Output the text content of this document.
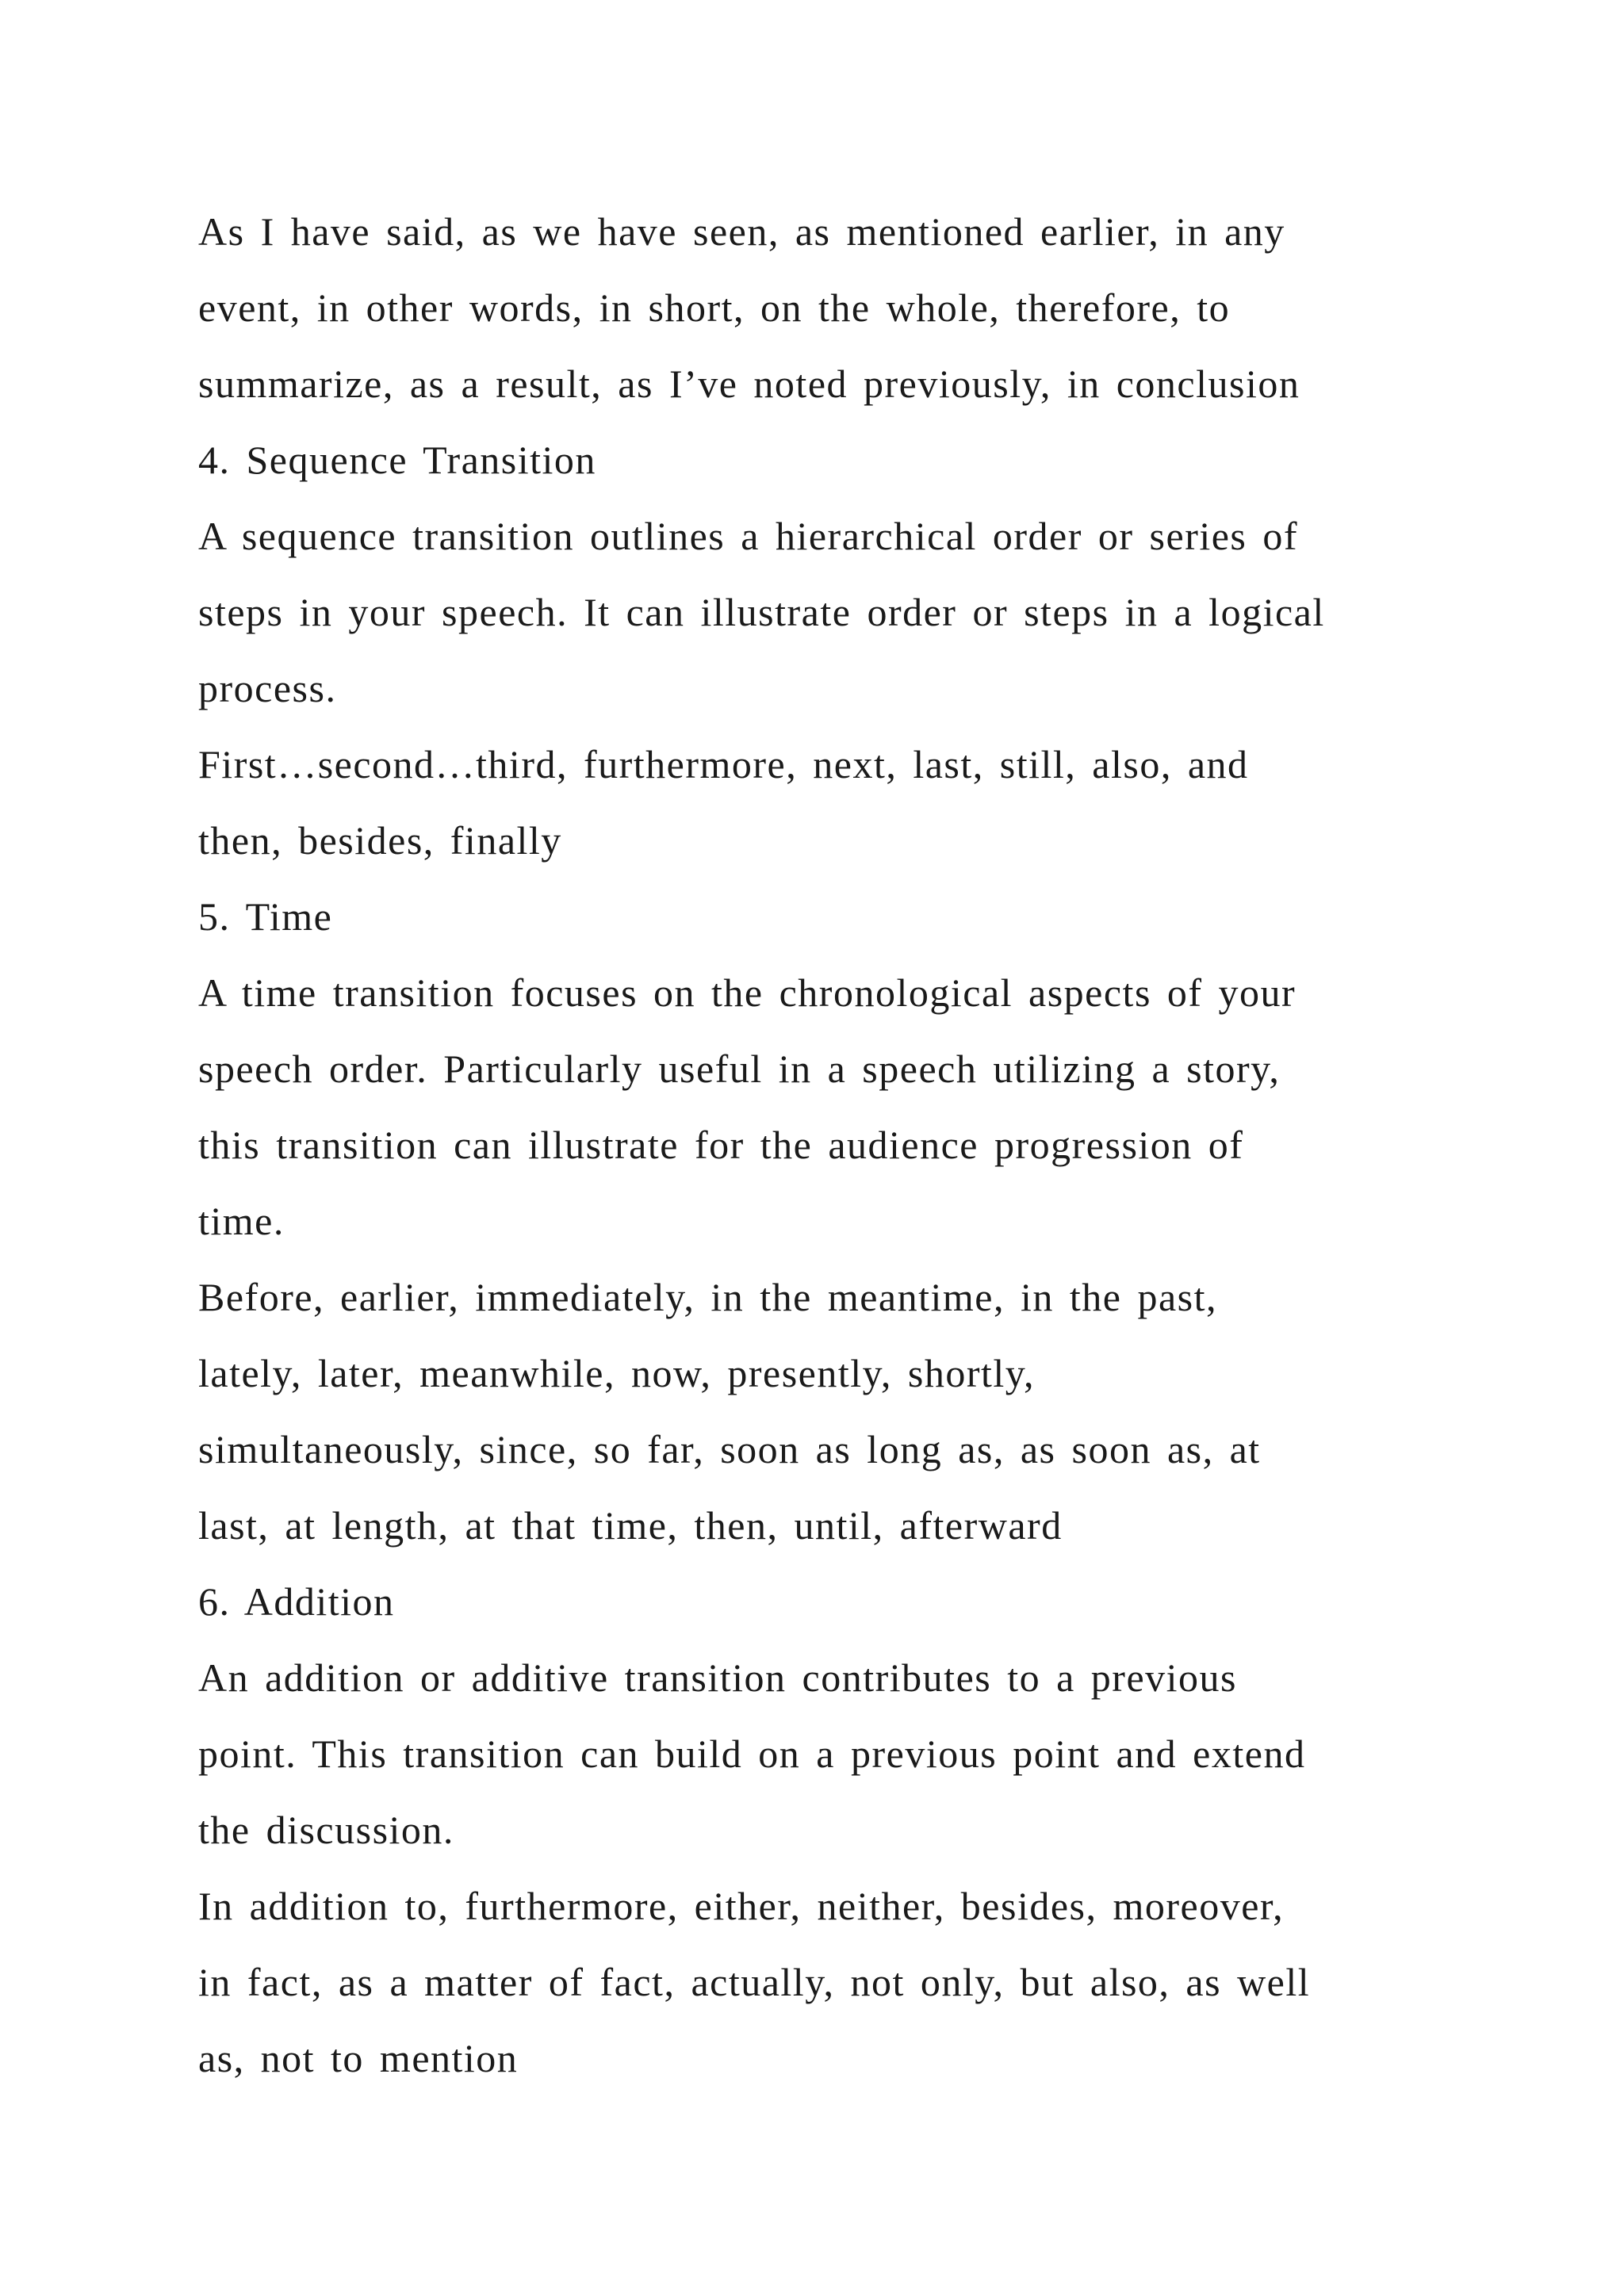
As I have said, as we have seen, as mentioned earlier, in any
event, in other words, in short, on the whole, therefore, to
summarize, as a result, as I’ve noted previously, in conclusion
4. Sequence Transition
A sequence transition outlines a hierarchical order or series of
steps in your speech. It can illustrate order or steps in a logical
process.
First…second…third, furthermore, next, last, still, also, and
then, besides, finally
5. Time
A time transition focuses on the chronological aspects of your
speech order. Particularly useful in a speech utilizing a story,
this transition can illustrate for the audience progression of
time.
Before, earlier, immediately, in the meantime, in the past,
lately, later, meanwhile, now, presently, shortly,
simultaneously, since, so far, soon as long as, as soon as, at
last, at length, at that time, then, until, afterward
6. Addition
An addition or additive transition contributes to a previous
point. This transition can build on a previous point and extend
the discussion.
In addition to, furthermore, either, neither, besides, moreover,
in fact, as a matter of fact, actually, not only, but also, as well
as, not to mention
